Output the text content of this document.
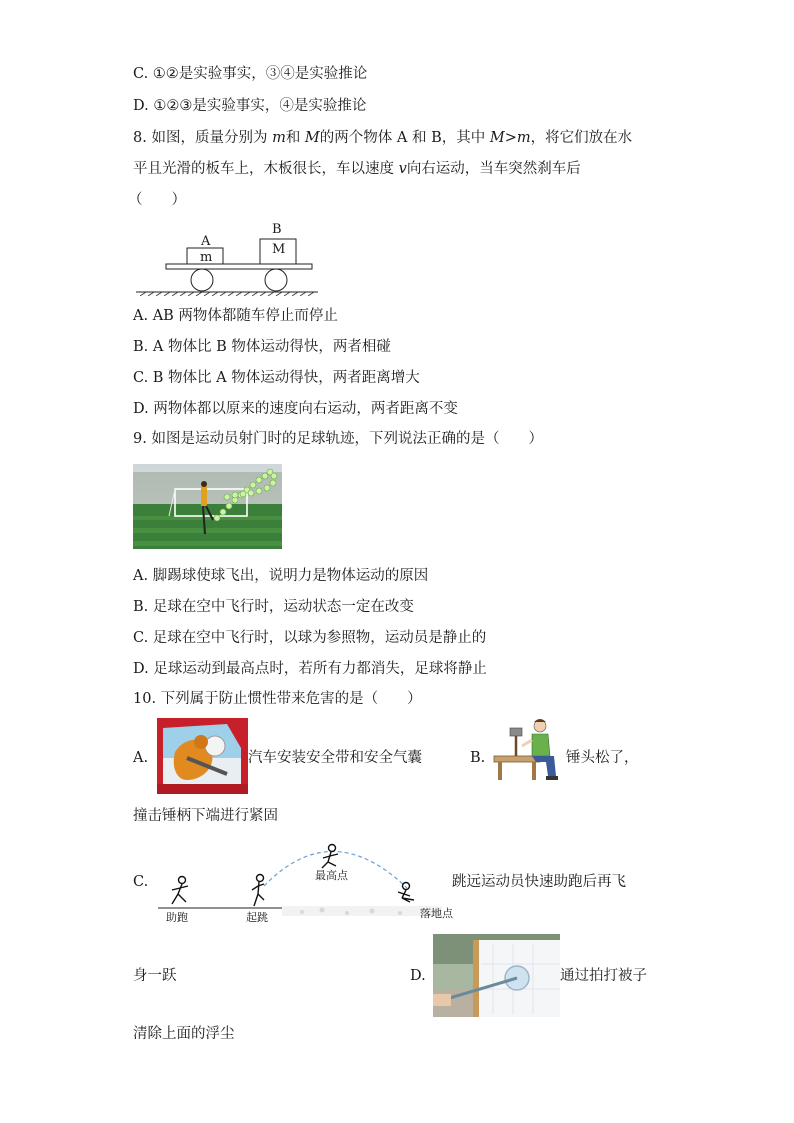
C. ①②是实验事实，③④是实验推论
D. ①②③是实验事实，④是实验推论
8. 如图，质量分别为 m和 M的两个物体 A 和 B，其中 M>m，将它们放在水
平且光滑的板车上，木板很长，车以速度 v向右运动，当车突然刹车后
（　　）
A
m
B
M
A. AB 两物体都随车停止而停止
B. A 物体比 B 物体运动得快，两者相碰
C. B 物体比 A 物体运动得快，两者距离增大
D. 两物体都以原来的速度向右运动，两者距离不变
9. 如图是运动员射门时的足球轨迹，下列说法正确的是（　　）
A. 脚踢球使球飞出，说明力是物体运动的原因
B. 足球在空中飞行时，运动状态一定在改变
C. 足球在空中飞行时，以球为参照物，运动员是静止的
D. 足球运动到最高点时，若所有力都消失，足球将静止
10. 下列属于防止惯性带来危害的是（　　）
A.	汽车安装安全带和安全气囊	B.	锤头松了，
撞击锤柄下端进行紧固
C.
助跑	起跳
最高点
落地点
跳远运动员快速助跑后再飞
身一跃	D.	通过拍打被子
清除上面的浮尘
